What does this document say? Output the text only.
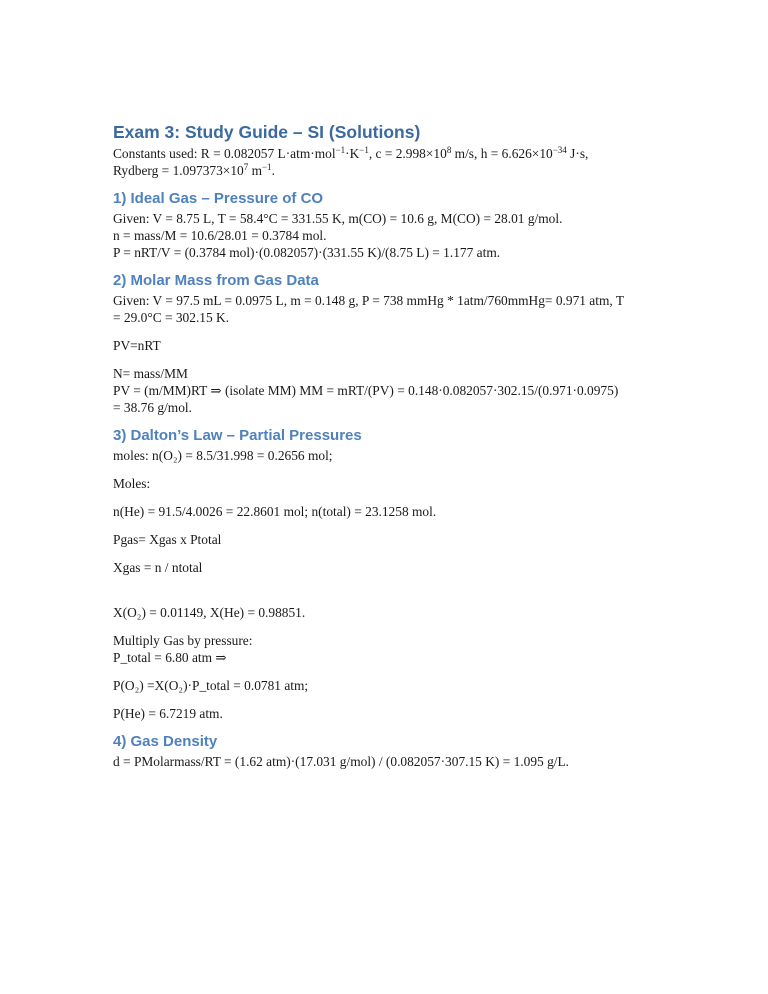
Exam 3: Study Guide – SI (Solutions)

Constants used: R = 0.082057 $L\cdot atm\cdot mol^{-1}\cdot K^{-1}$, $c = 2.998\times 10^8$ m/s, $h = 6.626\times 10^{-34}$ J·s,

Rydberg = $1.097373\times 10^7$ $m^{-1}$.

1) Ideal Gas – Pressure of CO

Given: V = 8.75 L, T = 58.4°C = 331.55 K, m(CO) = 10.6 g, M(CO) = 28.01 g/mol.

n = mass/M = 10.6/28.01 = 0.3784 mol.

P = nRT/V = (0.3784 mol)·(0.082057)·(331.55 K)/(8.75 L) = 1.177 atm.

2) Molar Mass from Gas Data

Given: V = 97.5 mL = 0.0975 L, m = 0.148 g, P = 738 mmHg * 1atm/760mmHg= 0.971 atm, T

= 29.0°C = 302.15 K.

PV=nRT

N= mass/MM

PV = (m/MM)RT ⇒ (isolate MM) MM = mRT/(PV) = 0.148·0.082057·302.15/(0.971·0.0975)

= 38.76 g/mol.

3) Dalton’s Law – Partial Pressures

moles: n(O₂) = 8.5/31.998 = 0.2656 mol;

Moles:

n(He) = 91.5/4.0026 = 22.8601 mol; n(total) = 23.1258 mol.

Pgas= Xgas x Ptotal

Xgas = n / ntotal

X(O₂) = 0.01149, X(He) = 0.98851.

Multiply Gas by pressure:

P_total = 6.80 atm ⇒

P(O₂) =X(O₂)·P_total = 0.0781 atm;

P(He) = 6.7219 atm.

4) Gas Density

d = PMolarmass/RT = (1.62 atm)·(17.031 g/mol) / (0.082057·307.15 K) = 1.095 g/L.
